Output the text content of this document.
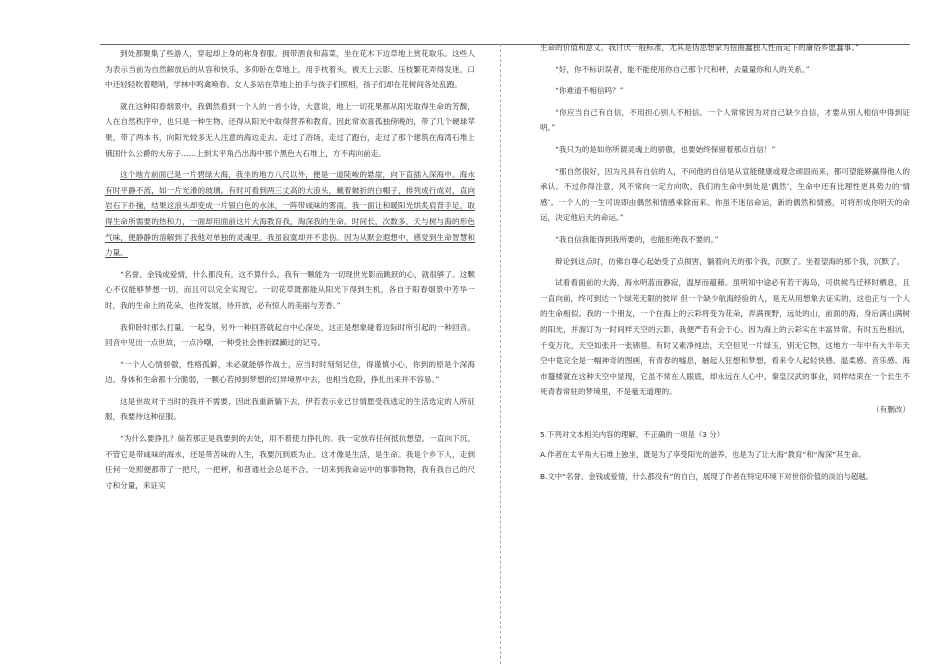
到处都聚集了些游人，穿起却上身的称身春服。拥带酒食和蒜菜，坐在花木下边草地上赏花取乐。这些人为表示当前为自然解放后的从容和快乐，多仰卧在草地上，用手枕着头，被天上云影、压枝繁花弄得发迷，口中还轻轻吹着嗯哨，学林中鸣禽唤春。女人多站在草地上拍手与孩子们照相，孩子们却在花树间各处乱跑。

就在这种阳春烟景中，我偶然看到一个人的一首小诗，大意说，地上一切花果都从阳光取得生命的芳馥，人在自然秩序中，也只是一种生物。还得从阳光中取得营养和教育。因此常欢喜孤独傍晚的，带了几个硬球苹果，带了两本书，向阳光较多无人注意的海边走去。走过了浴场，走过了跑台，走过了那个建筑在海湾石堆上俄国什么公爵的大房子……上到太平角凸出海中那个黑色大石堆上，方不再向前走。

这个地方前面已是一片碧绿大海，我坐的地方八尺以外，便是一道陡峻的悬崖，向下直插入深海中。海水有时平静不流，如一片光滑的玻璃。有时可看到两三丈高的大浪头，戴着皴折的白帽子，排列成行成对，直向岩石下扑撞，结果这浪头却变成一片银白色的水沫，一阵带咸味的雾雨。我一面让和暖阳光烘炙肩背手足，取得生命所需要的热和力，一面却用面前这片大海教育我，淘深我的生命。时间长，次数多，天与树与海的形色气味，便静静的溶解到了我他对单独的灵魂里。我虽寂寞却并不悲伤。因为从默会遐想中，感觉到生命智慧和力量。

“名誉、金钱或爱情，什么都没有，这不算什么。我有一颗能为一切现世光影而跳跃的心，就很够了。这颗心不仅能够梦想一切，而且可以完全实现它。一切花草既都能从阳光下得到生机，各自于阳春烟景中芳华一时，我的生命上的花朵，也待发展，待开放，必有惊人的美丽与芳香。”

我仰卧时那么打量。一起身，另外一种回答就起自中心深处，这正是想象碰着边际时所引起的一种回音。回音中见出一点世故，一点冷嘲，一种受社会挫折蹂躏过的记号。

“一个人心情骄傲，性格孤僻，未必就能够作战士，应当时时刻刻记住，得谨慎小心，你到的原是个深海边。身体和生命都十分脆弱，一颗心若掉到梦想的幻异境界中去，也相当危险，挣扎出来并不容易。”

这是世故对于当时的我并不需要，因此我重新躺下去，伊若表示业已甘情愿受我逃定的生活选定的人所征服，我要待这种征服。

“为什么要挣扎？倘若那正是我要到的去处，用不着使力挣扎的。我一定放弃任何抵抗想望。一直向下沉。不管它是带咸味的海水，还是带苦味的人生，我要沉到底为止。这才像是生活，是生命。我是个乡下人，走到任何一处照便都带了一把尺，一把秤，和普通社会总是不合。一切来到我命运中的事事物物，我有我自己的尺寸和分量，来证实

生命的价值和意义。我讨厌一般标准，尤其是伪思想家为扭曲蠢独人性而定下的庸俗乡愿蠢事。”

“好，你不标识误者，能不能使用你自己那个尺和秤，去量量你和人的关系。”

“你难道不相信吗？”

“你应当自己有自信，不用担心别人不相信。一个人常常因为对自己缺少自信，才要从别人相信中得到证明。”

“我只为的是如你所谓灵魂上的骄傲，也要始终保留着那点自信！”

“那自然很好，因为凡具有自信的人，不问他的自信是从宣能健康或观念顽固而来，都可望能够赢得他人的承认。不过你得注意，风不常向一定方向吹。我们的生命中到处是‘偶然’，生命中还有比理性更具势力的‘情感’。一个人的一生可说即由偶然和情感乘除而来。你虽不迷信命运，新的偶然和情感，可将形成你明天的命运，决定他后天的命运。”

“我自信我能得到我所要的，也能拒绝我不要的。”

辩论到这点时，仿佛自尊心起始受了点损害，躺着向天的那个我，沉默了。坐着望海的那个我，沉默了。

试看看面前的大海，海水明蓝而静寂，温厚而蕴藉。虽明知中途必有若干海岛，可供候鸟迁移时栖息，且一直向前，终可到达一个绿芜无限的彼岸 但一个缺少航海经验的人，是无从用想象去证实的，这也正与一个人的生命相似。我的一个朋友，一个在海上的云彩将变为花朵，弄满视野，远处的山，前面的海，身后满山满树的阳光，并溜订为一时间样天空的云影，我便严若有会于心。因为海上的云彩实在丰富异常。有时五色相沆，千变万化，天空如张开一张锦毯。有时又素净纯洁，天空但见一片绿玉，别无它物，这地方一年中有大半年天空中竟完全是一幅神奇的图画，有青春的嘘息，触起人狂想和梦想，看来令人起轻快感、温柔感、音乐感。海市蜃楼就在这种天空中显现，它虽不常在人眼底，却永远在人心中。秦皇汉武的事业，同样结束在一个长生不死青春常驻的梦境里，不是毫无道理的。

（有删改）

5.下列对文本相关内容的理解，不正确的一项是（3 分）

A.作者在太平角大石堆上独坐，既是为了享受阳光的滋养，也是为了让大海“教育”和“淘深”其生命。

B.文中“名誉、金钱或爱情，什么都没有”的自白，展现了作者在特定环境下对世俗价值的淡泊与超越。
